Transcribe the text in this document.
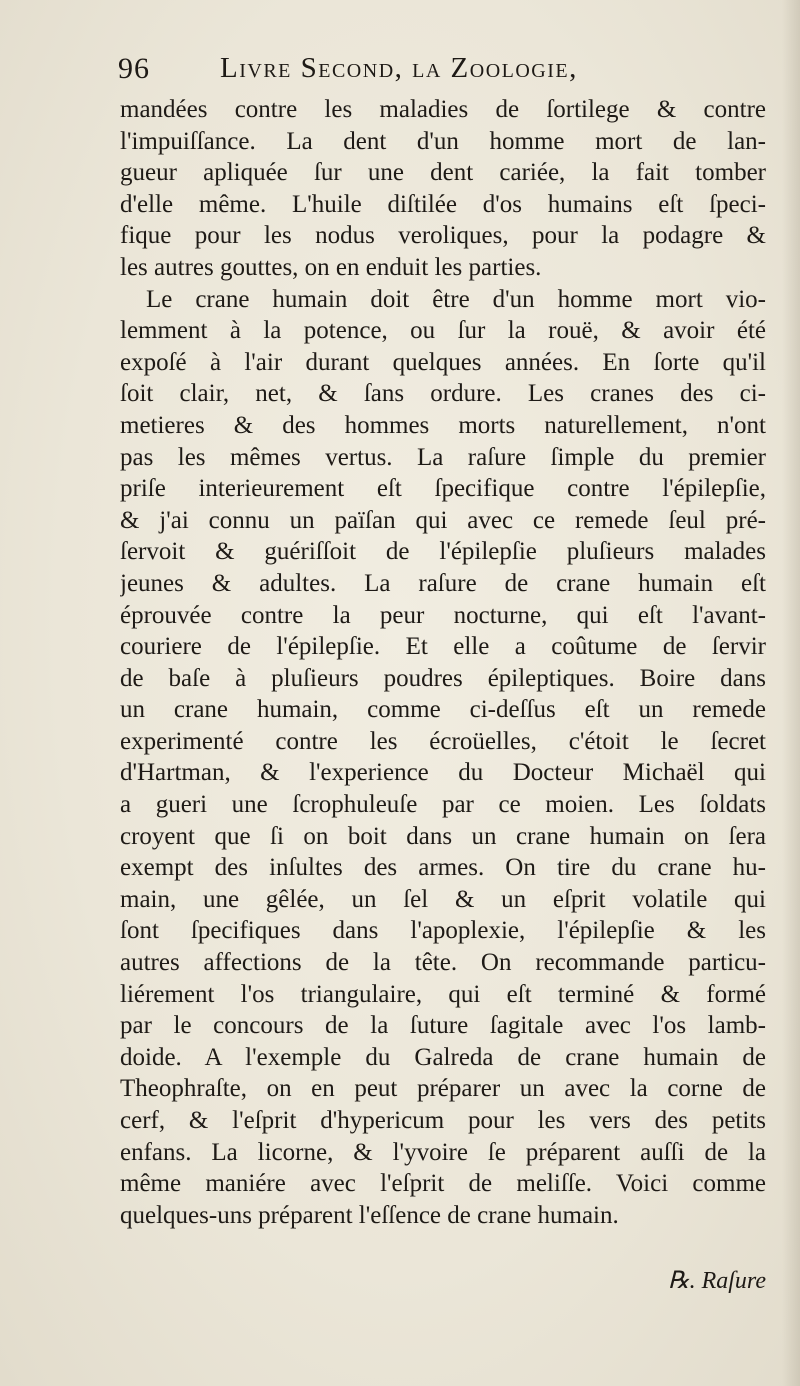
96 Livre Second, la Zoologie,
mandées contre les maladies de ſortilege & contre
l'impuiſſance. La dent d'un homme mort de lan-
gueur apliquée ſur une dent cariée, la fait tomber
d'elle même. L'huile diſtilée d'os humains eſt ſpeci-
fique pour les nodus veroliques, pour la podagre &
les autres gouttes, on en enduit les parties.
Le crane humain doit être d'un homme mort vio-
lemment à la potence, ou ſur la rouë, & avoir été
expoſé à l'air durant quelques années. En ſorte qu'il
ſoit clair, net, & ſans ordure. Les cranes des ci-
metieres & des hommes morts naturellement, n'ont
pas les mêmes vertus. La raſure ſimple du premier
priſe interieurement eſt ſpecifique contre l'épilepſie,
& j'ai connu un païſan qui avec ce remede ſeul pré-
ſervoit & guériſſoit de l'épilepſie pluſieurs malades
jeunes & adultes. La raſure de crane humain eſt
éprouvée contre la peur nocturne, qui eſt l'avant-
couriere de l'épilepſie. Et elle a coûtume de ſervir
de baſe à pluſieurs poudres épileptiques. Boire dans
un crane humain, comme ci-deſſus eſt un remede
experimenté contre les écroüelles, c'étoit le ſecret
d'Hartman, & l'experience du Docteur Michaël qui
a gueri une ſcrophuleuſe par ce moien. Les ſoldats
croyent que ſi on boit dans un crane humain on ſera
exempt des inſultes des armes. On tire du crane hu-
main, une gêlée, un ſel & un eſprit volatile qui
ſont ſpecifiques dans l'apoplexie, l'épilepſie & les
autres affections de la tête. On recommande particu-
liérement l'os triangulaire, qui eſt terminé & formé
par le concours de la ſuture ſagitale avec l'os lamb-
doide. A l'exemple du Galreda de crane humain de
Theophraſte, on en peut préparer un avec la corne de
cerf, & l'eſprit d'hypericum pour les vers des petits
enfans. La licorne, & l'yvoire ſe préparent auſſi de la
même maniére avec l'eſprit de meliſſe. Voici comme
quelques-uns préparent l'eſſence de crane humain.
℞. Raſure
